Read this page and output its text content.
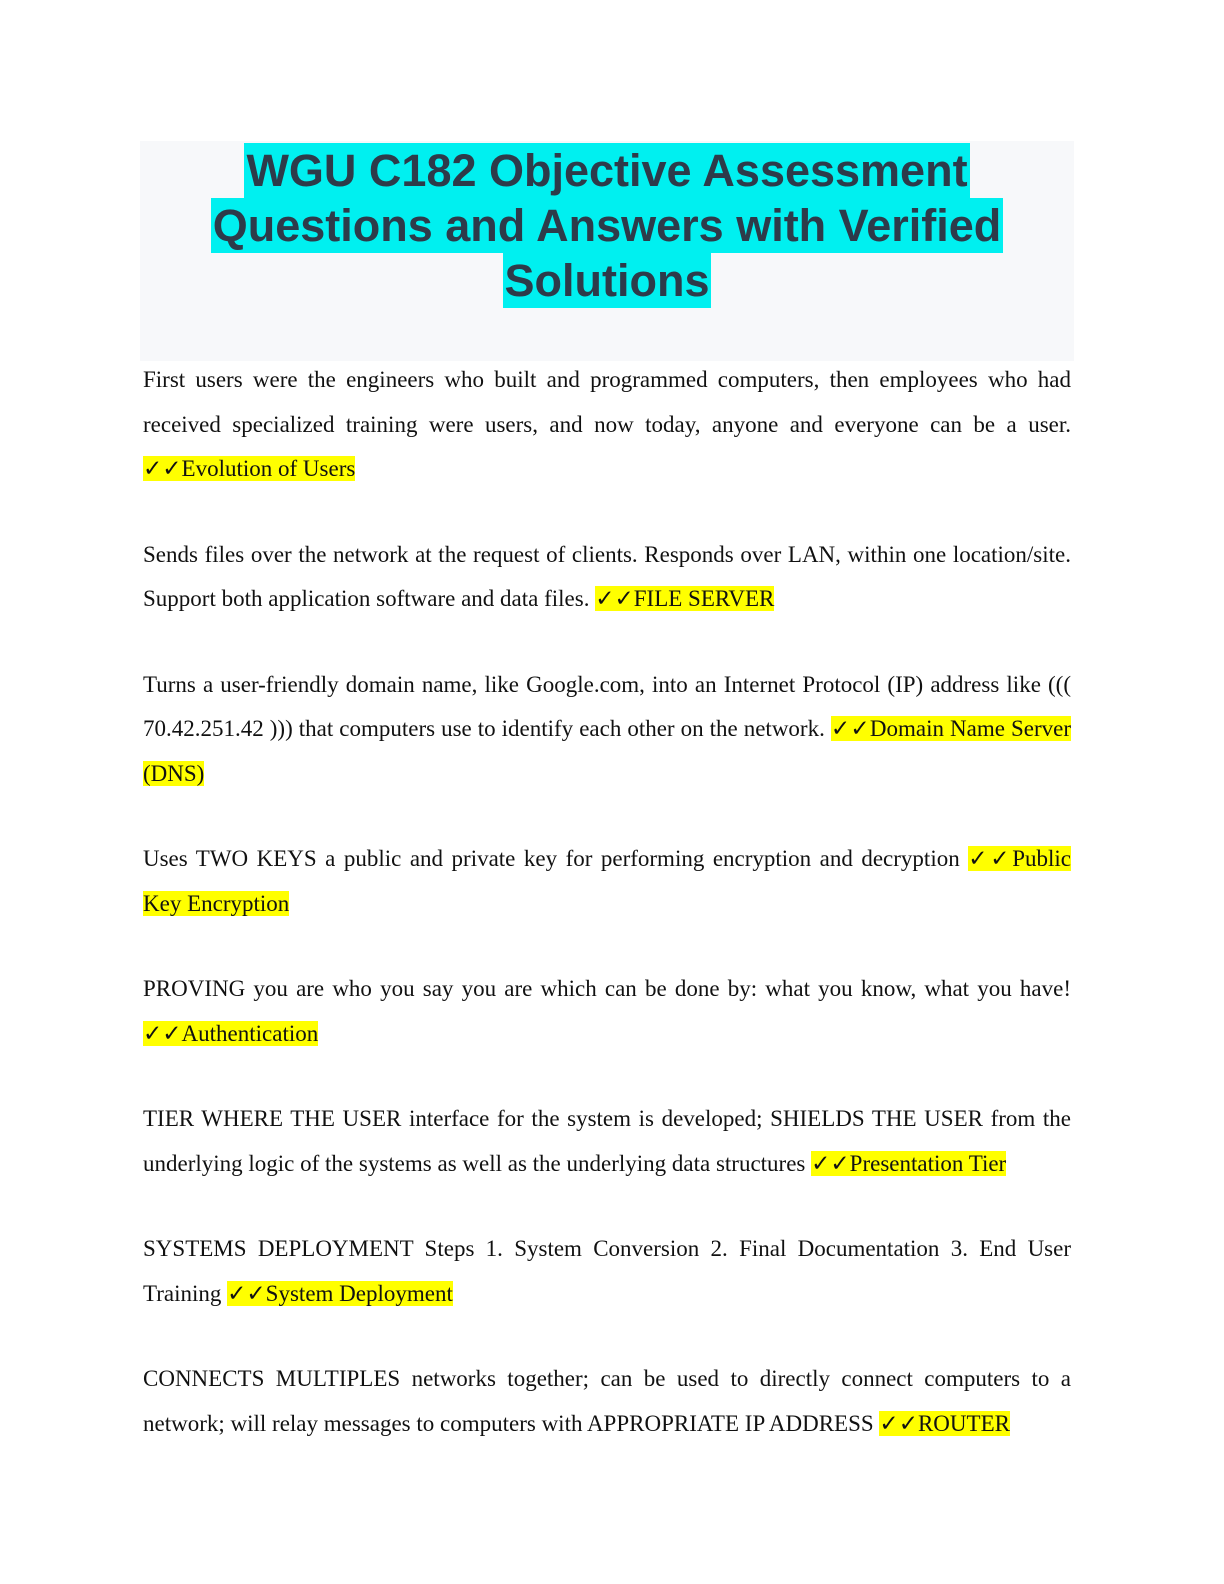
WGU C182 Objective Assessment
Questions and Answers with Verified
Solutions

First users were the engineers who built and programmed computers, then employees who had received specialized training were users, and now today, anyone and everyone can be a user. ✓✓Evolution of Users

Sends files over the network at the request of clients. Responds over LAN, within one location/site. Support both application software and data files. ✓✓FILE SERVER

Turns a user-friendly domain name, like Google.com, into an Internet Protocol (IP) address like ((( 70.42.251.42 ))) that computers use to identify each other on the network. ✓✓Domain Name Server (DNS)

Uses TWO KEYS a public and private key for performing encryption and decryption ✓✓Public Key Encryption

PROVING you are who you say you are which can be done by: what you know, what you have! ✓✓Authentication

TIER WHERE THE USER interface for the system is developed; SHIELDS THE USER from the underlying logic of the systems as well as the underlying data structures ✓✓Presentation Tier

SYSTEMS DEPLOYMENT Steps 1. System Conversion 2. Final Documentation 3. End User Training ✓✓System Deployment

CONNECTS MULTIPLES networks together; can be used to directly connect computers to a network; will relay messages to computers with APPROPRIATE IP ADDRESS ✓✓ROUTER
